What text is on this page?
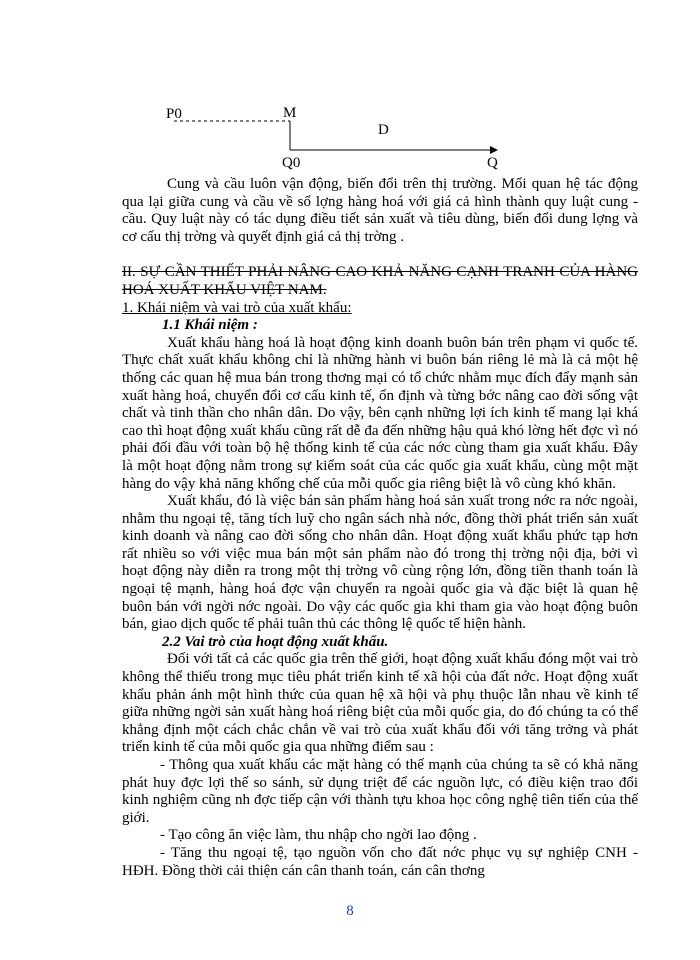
P0	M
D
Q0	Q

Cung và cầu luôn vận động, biến đổi trên thị trường. Mối quan hệ tác động qua lại giữa cung và cầu về số lợng hàng hoá với giá cả hình thành quy luật cung - cầu. Quy luật này có tác dụng điều tiết sản xuất và tiêu dùng, biến đổi dung lợng và cơ cấu thị trờng và quyết định giá cả thị trờng .

II. SỰ CẦN THIẾT PHẢI NÂNG CAO KHẢ NĂNG CẠNH TRANH CỦA HÀNG HOÁ XUẤT KHẨU VIỆT NAM.

1. Khái niệm và vai trò của xuất khẩu:

1.1 Khái niệm :

Xuất khẩu hàng hoá là hoạt động kinh doanh buôn bán trên phạm vi quốc tế. Thực chất xuất khẩu không chỉ là những hành vi buôn bán riêng lẻ mà là cả một hệ thống các quan hệ mua bán trong thơng mại có tổ chức nhằm mục đích đẩy mạnh sản xuất hàng hoá, chuyển đổi cơ cấu kinh tế, ổn định và từng bớc nâng cao đời sống vật chất và tinh thần cho nhân dân. Do vậy, bên cạnh những lợi ích kinh tế mang lại khá cao thì hoạt động xuất khẩu cũng rất dễ đa đến những hậu quả khó lờng hết đợc vì nó phải đối đầu với toàn bộ hệ thống kinh tế của các nớc cùng tham gia xuất khẩu. Đây là một hoạt động nằm trong sự kiểm soát của các quốc gia xuất khẩu, cùng một mặt hàng do vậy khả năng khống chế của mỗi quốc gia riêng biệt là vô cùng khó khăn.

Xuất khẩu, đó là việc bán sản phẩm hàng hoá sản xuất trong nớc ra nớc ngoài, nhằm thu ngoại tệ, tăng tích luỹ cho ngân sách nhà nớc, đồng thời phát triển sản xuất kinh doanh và nâng cao đời sống cho nhân dân. Hoạt động xuất khẩu phức tạp hơn rất nhiều so với việc mua bán một sản phẩm nào đó trong thị trờng nội địa, bởi vì hoạt động này diễn ra trong một thị trờng vô cùng rộng lớn, đồng tiền thanh toán là ngoại tệ mạnh, hàng hoá đợc vận chuyển ra ngoài quốc gia và đặc biệt là quan hệ buôn bán với ngời nớc ngoài. Do vậy các quốc gia khi tham gia vào hoạt động buôn bán, giao dịch quốc tế phải tuân thủ các thông lệ quốc tế hiện hành.

2.2 Vai trò của hoạt động xuất khẩu.

Đối với tất cả các quốc gia trên thế giới, hoạt động xuất khẩu đóng một vai trò không thể thiếu trong mục tiêu phát triển kinh tế xã hội của đất nớc. Hoạt động xuất khẩu phản ánh một hình thức của quan hệ xã hội và phụ thuộc lẫn nhau về kinh tế giữa những ngời sản xuất hàng hoá riêng biệt của mỗi quốc gia, do đó chúng ta có thể khẳng định một cách chắc chắn về vai trò của xuất khẩu đối với tăng trởng và phát triển kinh tế của mỗi quốc gia qua những điểm sau :

- Thông qua xuất khẩu các mặt hàng có thế mạnh của chúng ta sẽ có khả năng phát huy đợc lợi thế so sánh, sử dụng triệt để các nguồn lực, có điều kiện trao đổi kinh nghiệm cũng nh đợc tiếp cận với thành tựu khoa học công nghệ tiên tiến của thế giới.

- Tạo công ăn việc làm, thu nhập cho ngời lao động .

- Tăng thu ngoại tệ, tạo nguồn vốn cho đất nớc phục vụ sự nghiệp CNH - HĐH. Đồng thời cải thiện cán cân thanh toán, cán cân thơng

8
